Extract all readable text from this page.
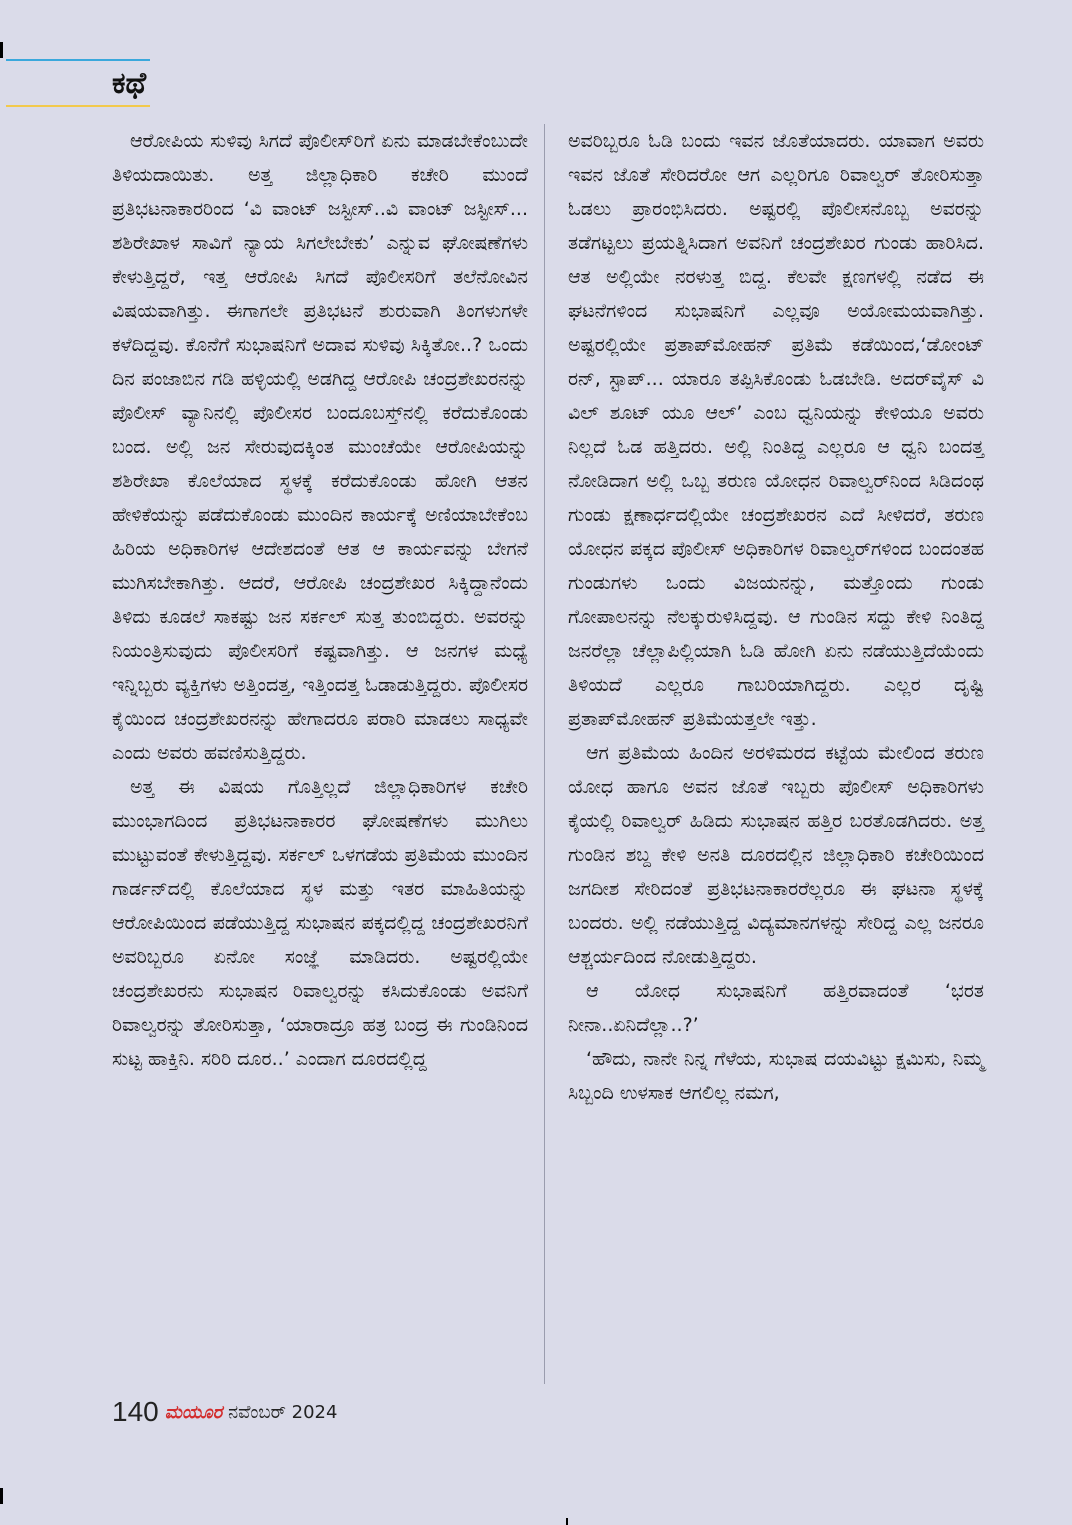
ಕಥೆ

ಆರೋಪಿಯ ಸುಳಿವು ಸಿಗದೆ ಪೊಲೀಸ್‌ರಿಗೆ ಏನು ಮಾಡಬೇಕೆಂಬುದೇ ತಿಳಿಯದಾಯಿತು. ಅತ್ತ ಜಿಲ್ಲಾಧಿಕಾರಿ ಕಚೇರಿ ಮುಂದೆ ಪ್ರತಿಭಟನಾಕಾರರಿಂದ ‘ವಿ ವಾಂಟ್ ಜಸ್ಟೀಸ್..ವಿ ವಾಂಟ್ ಜಸ್ಟೀಸ್... ಶಶಿರೇಖಾಳ ಸಾವಿಗೆ ನ್ಯಾಯ ಸಿಗಲೇಬೇಕು’ ಎನ್ನುವ ಘೋಷಣೆಗಳು ಕೇಳುತ್ತಿದ್ದರೆ, ಇತ್ತ ಆರೋಪಿ ಸಿಗದೆ ಪೊಲೀಸರಿಗೆ ತಲೆನೋವಿನ ವಿಷಯವಾಗಿತ್ತು. ಈಗಾಗಲೇ ಪ್ರತಿಭಟನೆ ಶುರುವಾಗಿ ತಿಂಗಳುಗಳೇ ಕಳೆದಿದ್ದವು. ಕೊನೆಗೆ ಸುಭಾಷನಿಗೆ ಅದಾವ ಸುಳಿವು ಸಿಕ್ಕಿತೋ..? ಒಂದು ದಿನ ಪಂಜಾಬಿನ ಗಡಿ ಹಳ್ಳಿಯಲ್ಲಿ ಅಡಗಿದ್ದ ಆರೋಪಿ ಚಂದ್ರಶೇಖರನನ್ನು ಪೊಲೀಸ್ ವ್ಯಾನಿನಲ್ಲಿ ಪೊಲೀಸರ ಬಂದೂಬಸ್ತ್‌ನಲ್ಲಿ ಕರೆದುಕೊಂಡು ಬಂದ. ಅಲ್ಲಿ ಜನ ಸೇರುವುದಕ್ಕಿಂತ ಮುಂಚೆಯೇ ಆರೋಪಿಯನ್ನು ಶಶಿರೇಖಾ ಕೊಲೆಯಾದ ಸ್ಥಳಕ್ಕೆ ಕರೆದುಕೊಂಡು ಹೋಗಿ ಆತನ ಹೇಳಿಕೆಯನ್ನು ಪಡೆದುಕೊಂಡು ಮುಂದಿನ ಕಾರ್ಯಕ್ಕೆ ಅಣಿಯಾಬೇಕೆಂಬ ಹಿರಿಯ ಅಧಿಕಾರಿಗಳ ಆದೇಶದಂತೆ ಆತ ಆ ಕಾರ್ಯವನ್ನು ಬೇಗನೆ ಮುಗಿಸಬೇಕಾಗಿತ್ತು. ಆದರೆ, ಆರೋಪಿ ಚಂದ್ರಶೇಖರ ಸಿಕ್ಕಿದ್ದಾನೆಂದು ತಿಳಿದು ಕೂಡಲೆ ಸಾಕಷ್ಟು ಜನ ಸರ್ಕಲ್ ಸುತ್ತ ತುಂಬಿದ್ದರು. ಅವರನ್ನು ನಿಯಂತ್ರಿಸುವುದು ಪೊಲೀಸರಿಗೆ ಕಷ್ಟವಾಗಿತ್ತು. ಆ ಜನಗಳ ಮಧ್ಯೆ ಇನ್ನಿಬ್ಬರು ವ್ಯಕ್ತಿಗಳು ಅತ್ತಿಂದತ್ತ, ಇತ್ತಿಂದತ್ತ ಓಡಾಡುತ್ತಿದ್ದರು. ಪೊಲೀಸರ ಕೈಯಿಂದ ಚಂದ್ರಶೇಖರನನ್ನು ಹೇಗಾದರೂ ಪರಾರಿ ಮಾಡಲು ಸಾಧ್ಯವೇ ಎಂದು ಅವರು ಹವಣಿಸುತ್ತಿದ್ದರು.

ಅತ್ತ ಈ ವಿಷಯ ಗೊತ್ತಿಲ್ಲದೆ ಜಿಲ್ಲಾಧಿಕಾರಿಗಳ ಕಚೇರಿ ಮುಂಭಾಗದಿಂದ ಪ್ರತಿಭಟನಾಕಾರರ ಘೋಷಣೆಗಳು ಮುಗಿಲು ಮುಟ್ಟುವಂತೆ ಕೇಳುತ್ತಿದ್ದವು. ಸರ್ಕಲ್ ಒಳಗಡೆಯ ಪ್ರತಿಮೆಯ ಮುಂದಿನ ಗಾರ್ಡನ್‌ದಲ್ಲಿ ಕೊಲೆಯಾದ ಸ್ಥಳ ಮತ್ತು ಇತರ ಮಾಹಿತಿಯನ್ನು ಆರೋಪಿಯಿಂದ ಪಡೆಯುತ್ತಿದ್ದ ಸುಭಾಷನ ಪಕ್ಕದಲ್ಲಿದ್ದ ಚಂದ್ರಶೇಖರನಿಗೆ ಅವರಿಬ್ಬರೂ ಏನೋ ಸಂಜ್ಞೆ ಮಾಡಿದರು. ಅಷ್ಟರಲ್ಲಿಯೇ ಚಂದ್ರಶೇಖರನು ಸುಭಾಷನ ರಿವಾಲ್ವರನ್ನು ಕಸಿದುಕೊಂಡು ಅವನಿಗೆ ರಿವಾಲ್ವರನ್ನು ತೋರಿಸುತ್ತಾ, ‘ಯಾರಾದ್ರೂ ಹತ್ರ ಬಂದ್ರ ಈ ಗುಂಡಿನಿಂದ ಸುಟ್ಟ ಹಾಕ್ತಿನಿ. ಸರಿರಿ ದೂರ..’ ಎಂದಾಗ ದೂರದಲ್ಲಿದ್ದ

ಅವರಿಬ್ಬರೂ ಓಡಿ ಬಂದು ಇವನ ಜೊತೆಯಾದರು. ಯಾವಾಗ ಅವರು ಇವನ ಜೊತೆ ಸೇರಿದರೋ ಆಗ ಎಲ್ಲರಿಗೂ ರಿವಾಲ್ವರ್ ತೋರಿಸುತ್ತಾ ಓಡಲು ಪ್ರಾರಂಭಿಸಿದರು. ಅಷ್ಟರಲ್ಲಿ ಪೊಲೀಸನೊಬ್ಬ ಅವರನ್ನು ತಡೆಗಟ್ಟಲು ಪ್ರಯತ್ನಿಸಿದಾಗ ಅವನಿಗೆ ಚಂದ್ರಶೇಖರ ಗುಂಡು ಹಾರಿಸಿದ. ಆತ ಅಲ್ಲಿಯೇ ನರಳುತ್ತ ಬಿದ್ದ. ಕೆಲವೇ ಕ್ಷಣಗಳಲ್ಲಿ ನಡೆದ ಈ ಘಟನೆಗಳಿಂದ ಸುಭಾಷನಿಗೆ ಎಲ್ಲವೂ ಅಯೋಮಯವಾಗಿತ್ತು. ಅಷ್ಟರಲ್ಲಿಯೇ ಪ್ರತಾಪ್‌ಮೋಹನ್ ಪ್ರತಿಮೆ ಕಡೆಯಿಂದ,‘ಡೋಂಟ್ ರನ್, ಸ್ಟಾಪ್... ಯಾರೂ ತಪ್ಪಿಸಿಕೊಂಡು ಓಡಬೇಡಿ. ಅದರ್‌ವೈಸ್ ವಿ ವಿಲ್ ಶೂಟ್ ಯೂ ಆಲ್’ ಎಂಬ ಧ್ವನಿಯನ್ನು ಕೇಳಿಯೂ ಅವರು ನಿಲ್ಲದೆ ಓಡ ಹತ್ತಿದರು. ಅಲ್ಲಿ ನಿಂತಿದ್ದ ಎಲ್ಲರೂ ಆ ಧ್ವನಿ ಬಂದತ್ತ ನೋಡಿದಾಗ ಅಲ್ಲಿ ಒಬ್ಬ ತರುಣ ಯೋಧನ ರಿವಾಲ್ವರ್‌ನಿಂದ ಸಿಡಿದಂಥ ಗುಂಡು ಕ್ಷಣಾರ್ಧದಲ್ಲಿಯೇ ಚಂದ್ರಶೇಖರನ ಎದೆ ಸೀಳಿದರೆ, ತರುಣ ಯೋಧನ ಪಕ್ಕದ ಪೊಲೀಸ್ ಅಧಿಕಾರಿಗಳ ರಿವಾಲ್ವರ್‌ಗಳಿಂದ ಬಂದಂತಹ ಗುಂಡುಗಳು ಒಂದು ವಿಜಯನನ್ನು, ಮತ್ತೊಂದು ಗುಂಡು ಗೋಪಾಲನನ್ನು ನೆಲಕ್ಕುರುಳಿಸಿದ್ದವು. ಆ ಗುಂಡಿನ ಸದ್ದು ಕೇಳಿ ನಿಂತಿದ್ದ ಜನರೆಲ್ಲಾ ಚೆಲ್ಲಾಪಿಲ್ಲಿಯಾಗಿ ಓಡಿ ಹೋಗಿ ಏನು ನಡೆಯುತ್ತಿದೆಯೆಂದು ತಿಳಿಯದೆ ಎಲ್ಲರೂ ಗಾಬರಿಯಾಗಿದ್ದರು. ಎಲ್ಲರ ದೃಷ್ಟಿ ಪ್ರತಾಪ್‌ಮೋಹನ್ ಪ್ರತಿಮೆಯತ್ತಲೇ ಇತ್ತು.

ಆಗ ಪ್ರತಿಮೆಯ ಹಿಂದಿನ ಅರಳಿಮರದ ಕಟ್ಟೆಯ ಮೇಲಿಂದ ತರುಣ ಯೋಧ ಹಾಗೂ ಅವನ ಜೊತೆ ಇಬ್ಬರು ಪೊಲೀಸ್ ಅಧಿಕಾರಿಗಳು ಕೈಯಲ್ಲಿ ರಿವಾಲ್ವರ್ ಹಿಡಿದು ಸುಭಾಷನ ಹತ್ತಿರ ಬರತೊಡಗಿದರು. ಅತ್ತ ಗುಂಡಿನ ಶಬ್ದ ಕೇಳಿ ಅನತಿ ದೂರದಲ್ಲಿನ ಜಿಲ್ಲಾಧಿಕಾರಿ ಕಚೇರಿಯಿಂದ ಜಗದೀಶ ಸೇರಿದಂತೆ ಪ್ರತಿಭಟನಾಕಾರರೆಲ್ಲರೂ ಈ ಘಟನಾ ಸ್ಥಳಕ್ಕೆ ಬಂದರು. ಅಲ್ಲಿ ನಡೆಯುತ್ತಿದ್ದ ವಿದ್ಯಮಾನಗಳನ್ನು ಸೇರಿದ್ದ ಎಲ್ಲ ಜನರೂ ಆಶ್ಚರ್ಯದಿಂದ ನೋಡುತ್ತಿದ್ದರು.

ಆ ಯೋಧ ಸುಭಾಷನಿಗೆ ಹತ್ತಿರವಾದಂತೆ ‘ಭರತ ನೀನಾ..ಏನಿದೆಲ್ಲಾ..?’

‘ಹೌದು, ನಾನೇ ನಿನ್ನ ಗೆಳೆಯ, ಸುಭಾಷ ದಯವಿಟ್ಟು ಕ್ಷಮಿಸು, ನಿಮ್ಮ ಸಿಬ್ಬಂದಿ ಉಳಸಾಕ ಆಗಲಿಲ್ಲ ನಮಗ,

140 ಮಯೂರ ನವೆಂಬರ್ 2024
